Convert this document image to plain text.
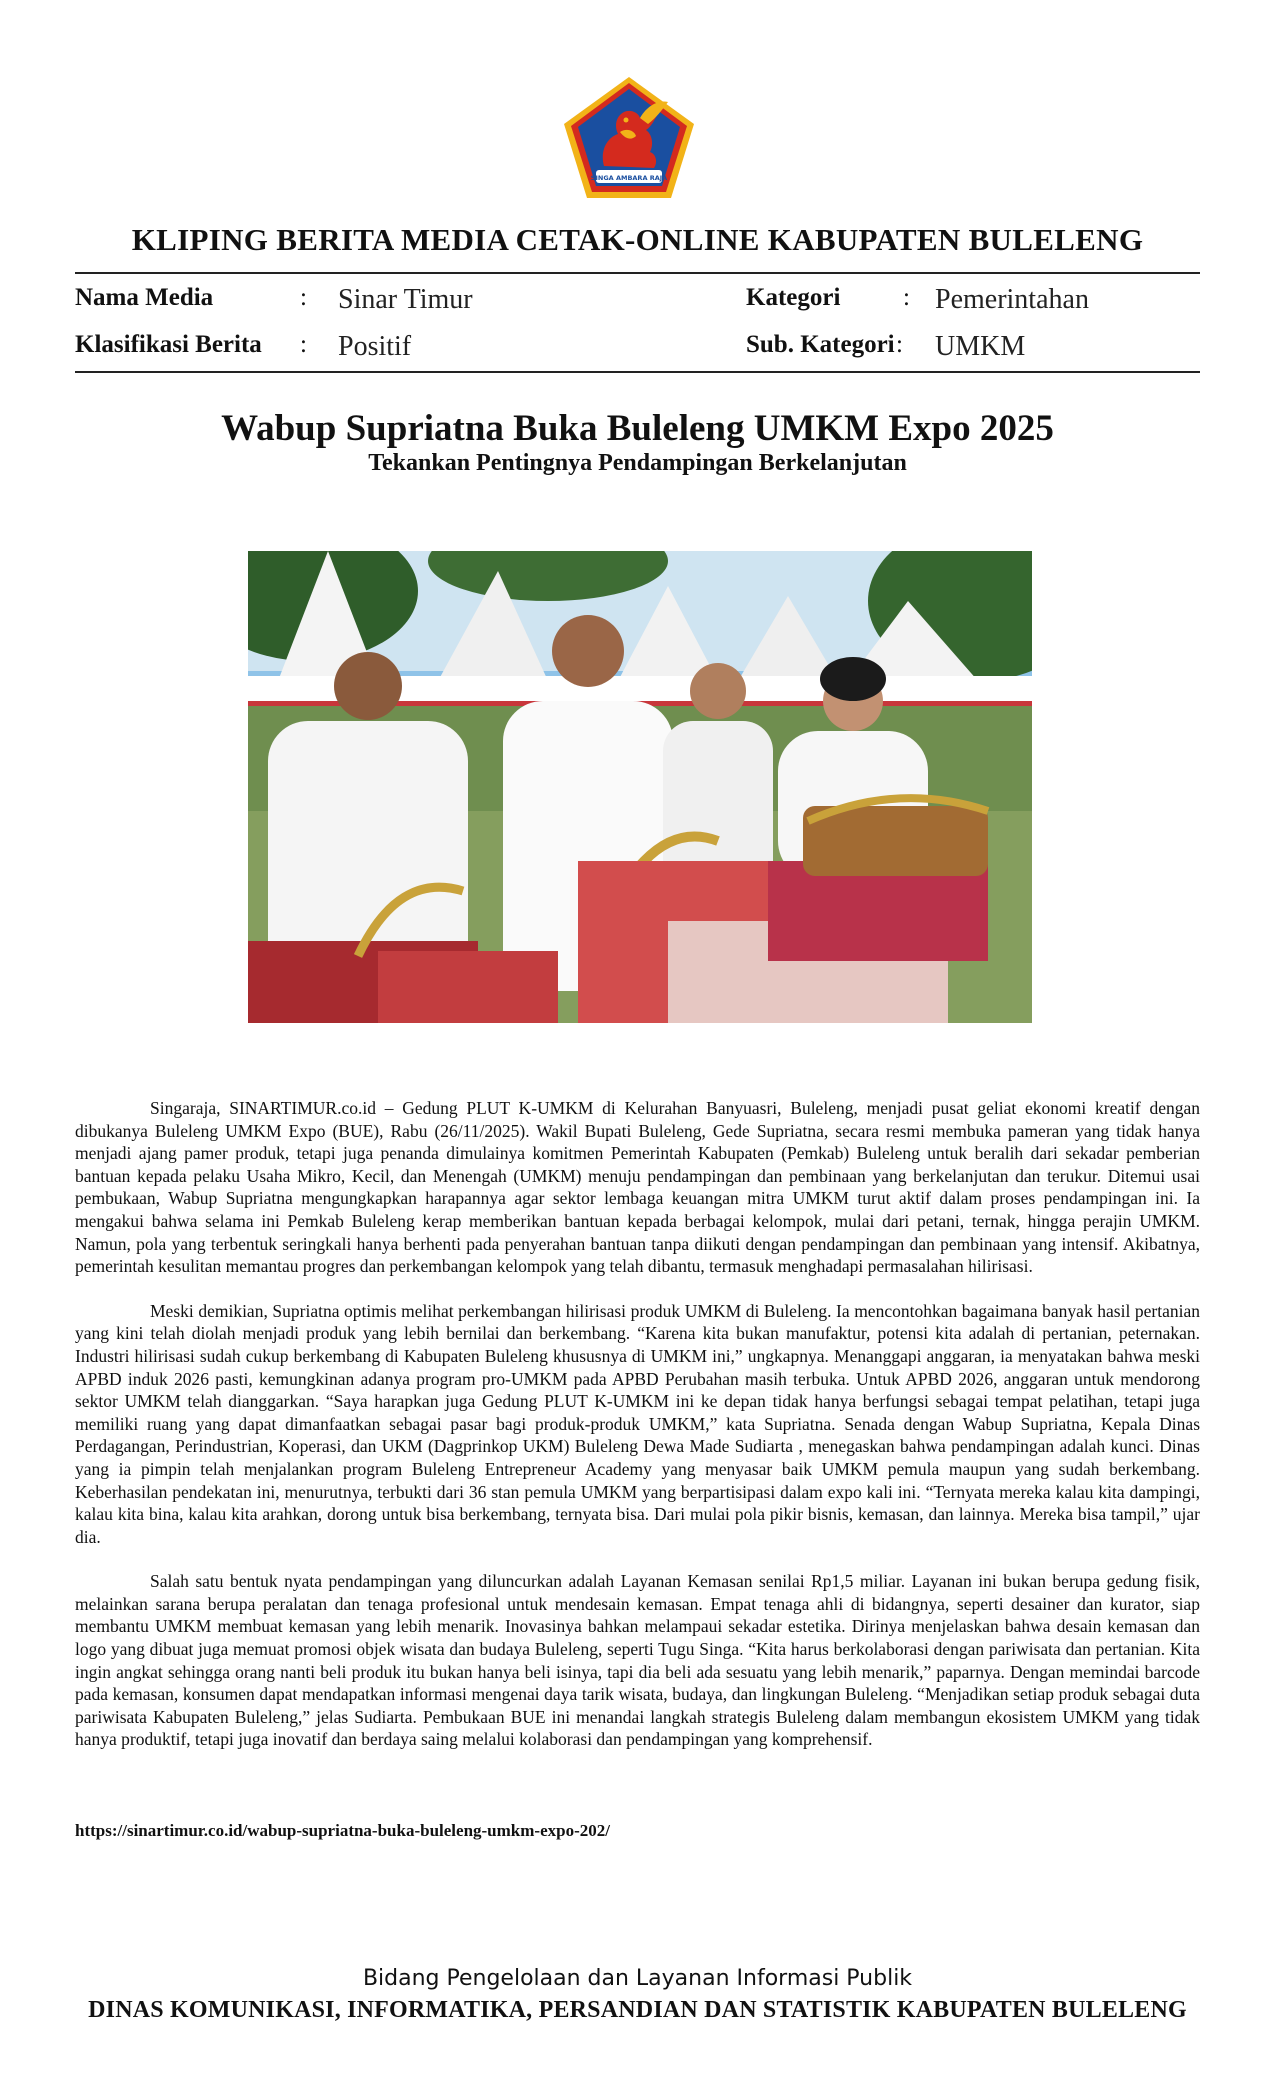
SINGA AMBARA RAJA
KLIPING BERITA MEDIA CETAK-ONLINE KABUPATEN BULELENG
Nama Media	: Sinar Timur
Klasifikasi Berita : Positif
Kategori	: Pemerintahan
Sub. Kategori : UMKM
Wabup Supriatna Buka Buleleng UMKM Expo 2025
Tekankan Pentingnya Pendampingan Berkelanjutan

Singaraja, SINARTIMUR.co.id – Gedung PLUT K-UMKM di Kelurahan Banyuasri, Buleleng, menjadi pusat geliat ekonomi kreatif dengan dibukanya Buleleng UMKM Expo (BUE), Rabu (26/11/2025). Wakil Bupati Buleleng, Gede Supriatna, secara resmi membuka pameran yang tidak hanya menjadi ajang pamer produk, tetapi juga penanda dimulainya komitmen Pemerintah Kabupaten (Pemkab) Buleleng untuk beralih dari sekadar pemberian bantuan kepada pelaku Usaha Mikro, Kecil, dan Menengah (UMKM) menuju pendampingan dan pembinaan yang berkelanjutan dan terukur. Ditemui usai pembukaan, Wabup Supriatna mengungkapkan harapannya agar sektor lembaga keuangan mitra UMKM turut aktif dalam proses pendampingan ini. Ia mengakui bahwa selama ini Pemkab Buleleng kerap memberikan bantuan kepada berbagai kelompok, mulai dari petani, ternak, hingga perajin UMKM. Namun, pola yang terbentuk seringkali hanya berhenti pada penyerahan bantuan tanpa diikuti dengan pendampingan dan pembinaan yang intensif. Akibatnya, pemerintah kesulitan memantau progres dan perkembangan kelompok yang telah dibantu, termasuk menghadapi permasalahan hilirisasi.

Meski demikian, Supriatna optimis melihat perkembangan hilirisasi produk UMKM di Buleleng. Ia mencontohkan bagaimana banyak hasil pertanian yang kini telah diolah menjadi produk yang lebih bernilai dan berkembang. “Karena kita bukan manufaktur, potensi kita adalah di pertanian, peternakan. Industri hilirisasi sudah cukup berkembang di Kabupaten Buleleng khususnya di UMKM ini,” ungkapnya. Menanggapi anggaran, ia menyatakan bahwa meski APBD induk 2026 pasti, kemungkinan adanya program pro-UMKM pada APBD Perubahan masih terbuka. Untuk APBD 2026, anggaran untuk mendorong sektor UMKM telah dianggarkan. “Saya harapkan juga Gedung PLUT K-UMKM ini ke depan tidak hanya berfungsi sebagai tempat pelatihan, tetapi juga memiliki ruang yang dapat dimanfaatkan sebagai pasar bagi produk-produk UMKM,” kata Supriatna. Senada dengan Wabup Supriatna, Kepala Dinas Perdagangan, Perindustrian, Koperasi, dan UKM (Dagprinkop UKM) Buleleng Dewa Made Sudiarta , menegaskan bahwa pendampingan adalah kunci. Dinas yang ia pimpin telah menjalankan program Buleleng Entrepreneur Academy yang menyasar baik UMKM pemula maupun yang sudah berkembang. Keberhasilan pendekatan ini, menurutnya, terbukti dari 36 stan pemula UMKM yang berpartisipasi dalam expo kali ini. “Ternyata mereka kalau kita dampingi, kalau kita bina, kalau kita arahkan, dorong untuk bisa berkembang, ternyata bisa. Dari mulai pola pikir bisnis, kemasan, dan lainnya. Mereka bisa tampil,” ujar dia.

Salah satu bentuk nyata pendampingan yang diluncurkan adalah Layanan Kemasan senilai Rp1,5 miliar. Layanan ini bukan berupa gedung fisik, melainkan sarana berupa peralatan dan tenaga profesional untuk mendesain kemasan. Empat tenaga ahli di bidangnya, seperti desainer dan kurator, siap membantu UMKM membuat kemasan yang lebih menarik. Inovasinya bahkan melampaui sekadar estetika. Dirinya menjelaskan bahwa desain kemasan dan logo yang dibuat juga memuat promosi objek wisata dan budaya Buleleng, seperti Tugu Singa. “Kita harus berkolaborasi dengan pariwisata dan pertanian. Kita ingin angkat sehingga orang nanti beli produk itu bukan hanya beli isinya, tapi dia beli ada sesuatu yang lebih menarik,” paparnya. Dengan memindai barcode pada kemasan, konsumen dapat mendapatkan informasi mengenai daya tarik wisata, budaya, dan lingkungan Buleleng. “Menjadikan setiap produk sebagai duta pariwisata Kabupaten Buleleng,” jelas Sudiarta. Pembukaan BUE ini menandai langkah strategis Buleleng dalam membangun ekosistem UMKM yang tidak hanya produktif, tetapi juga inovatif dan berdaya saing melalui kolaborasi dan pendampingan yang komprehensif.

https://sinartimur.co.id/wabup-supriatna-buka-buleleng-umkm-expo-202/
Bidang Pengelolaan dan Layanan Informasi Publik
DINAS KOMUNIKASI, INFORMATIKA, PERSANDIAN DAN STATISTIK KABUPATEN BULELENG
